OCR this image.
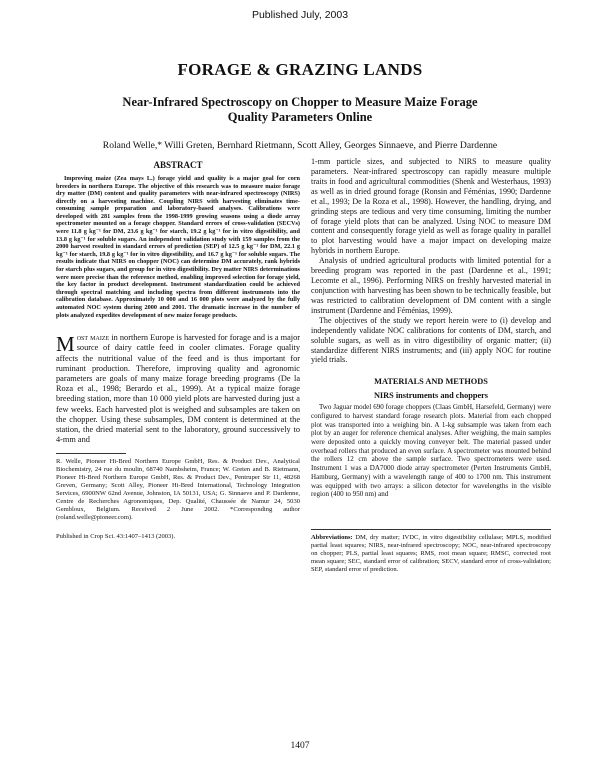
Published July, 2003
FORAGE & GRAZING LANDS
Near-Infrared Spectroscopy on Chopper to Measure Maize Forage Quality Parameters Online
Roland Welle,* Willi Greten, Bernhard Rietmann, Scott Alley, Georges Sinnaeve, and Pierre Dardenne
ABSTRACT

Improving maize (Zea mays L.) forage yield and quality is a major goal for corn breeders in northern Europe. The objective of this research was to measure maize forage dry matter (DM) content and quality parameters with near-infrared spectroscopy (NIRS) directly on a harvesting machine. Coupling NIRS with harvesting eliminates time-consuming sample preparation and laboratory-based analyses. Calibrations were developed with 281 samples from the 1998-1999 growing seasons using a diode array spectrometer mounted on a forage chopper. Standard errors of cross-validation (SECVs) were 11.8 g kg⁻¹ for DM, 23.6 g kg⁻¹ for starch, 19.2 g kg⁻¹ for in vitro digestibility, and 13.8 g kg⁻¹ for soluble sugars. An independent validation study with 159 samples from the 2000 harvest resulted in standard errors of prediction (SEP) of 12.5 g kg⁻¹ for DM, 22.1 g kg⁻¹ for starch, 19.8 g kg⁻¹ for in vitro digestibility, and 16.7 g kg⁻¹ for soluble sugars. The results indicate that NIRS on chopper (NOC) can determine DM accurately, rank hybrids for starch plus sugars, and group for in vitro digestibility. Dry matter NIRS determinations were more precise than the reference method, enabling improved selection for forage yield, the key factor in product development. Instrument standardization could be achieved through spectral matching and including spectra from different instruments into the calibration database. Approximately 10 000 and 16 000 plots were analyzed by the fully automated NOC system during 2000 and 2001. The dramatic increase in the number of plots analyzed expedites development of new maize forage products.

Most maize in northern Europe is harvested for forage and is a major source of dairy cattle feed in cooler climates. Forage quality affects the nutritional value of the feed and is thus important for ruminant production. Therefore, improving quality and agronomic parameters are goals of many maize forage breeding programs (De la Roza et al., 1998; Berardo et al., 1999). At a typical maize forage breeding station, more than 10 000 yield plots are harvested during just a few weeks. Each harvested plot is weighed and subsamples are taken on the chopper. Using these subsamples, DM content is determined at the station, the dried material sent to the laboratory, ground successively to 4-mm and

R. Welle, Pioneer Hi-Bred Northern Europe GmbH, Res. & Product Dev., Analytical Biochemistry, 24 rue du moulin, 68740 Nambsheim, France; W. Greten and B. Rietmann, Pioneer Hi-Bred Northern Europe GmbH, Res. & Product Dev., Pentruper Str 11, 48268 Greven, Germany; Scott Alley, Pioneer Hi-Bred International, Technology Integration Services, 6900NW 62nd Avenue, Johnston, IA 50131, USA; G. Sinnaeve and P. Dardenne, Centre de Recherches Agronomiques, Dep. Qualité, Chaussée de Namur 24, 5030 Gembloux, Belgium. Received 2 June 2002. *Corresponding author (roland.welle@pioneer.com).

Published in Crop Sci. 43:1407–1413 (2003).

1-mm particle sizes, and subjected to NIRS to measure quality parameters. Near-infrared spectroscopy can rapidly measure multiple traits in food and agricultural commodities (Shenk and Westerhaus, 1993) as well as in dried ground forage (Ronsin and Féménias, 1990; Dardenne et al., 1993; De la Roza et al., 1998). However, the handling, drying, and grinding steps are tedious and very time consuming, limiting the number of forage yield plots that can be analyzed. Using NOC to measure DM content and consequently forage yield as well as forage quality in parallel to plot harvesting would have a major impact on developing maize hybrids in northern Europe.

Analysis of undried agricultural products with limited potential for a breeding program was reported in the past (Dardenne et al., 1991; Lecomte et al., 1996). Performing NIRS on freshly harvested material in conjunction with harvesting has been shown to be technically feasible, but was restricted to calibration development of DM content with a single instrument (Dardenne and Féménias, 1999).

The objectives of the study we report herein were to (i) develop and independently validate NOC calibrations for contents of DM, starch, and soluble sugars, as well as in vitro digestibility of organic matter; (ii) standardize different NIRS instruments; and (iii) apply NOC for routine yield trials.

MATERIALS AND METHODS
NIRS instruments and choppers

Two Jaguar model 690 forage choppers (Claas GmbH, Harsefeld, Germany) were configured to harvest standard forage research plots. Material from each chopped plot was transported into a weighing bin. A 1-kg subsample was taken from each plot by an auger for reference chemical analyses. After weighing, the main samples were deposited onto a quickly moving conveyer belt. The material passed under overhead rollers that produced an even surface. A spectrometer was mounted behind the rollers 12 cm above the sample surface. Two spectrometers were used. Instrument 1 was a DA7000 diode array spectrometer (Perten Instruments GmbH, Hamburg, Germany) with a wavelength range of 400 to 1700 nm. This instrument was equipped with two arrays: a silicon detector for wavelengths in the visible region (400 to 950 nm) and

Abbreviations: DM, dry matter; IVDC, in vitro digestibility cellulase; MPLS, modified partial least squares; NIRS, near-infrared spectroscopy; NOC, near-infrared spectroscopy on chopper; PLS, partial least squares; RMS, root mean square; RMSC, corrected root mean square; SEC, standard error of calibration; SECV, standard error of cross-validation; SEP, standard error of prediction.

1407
